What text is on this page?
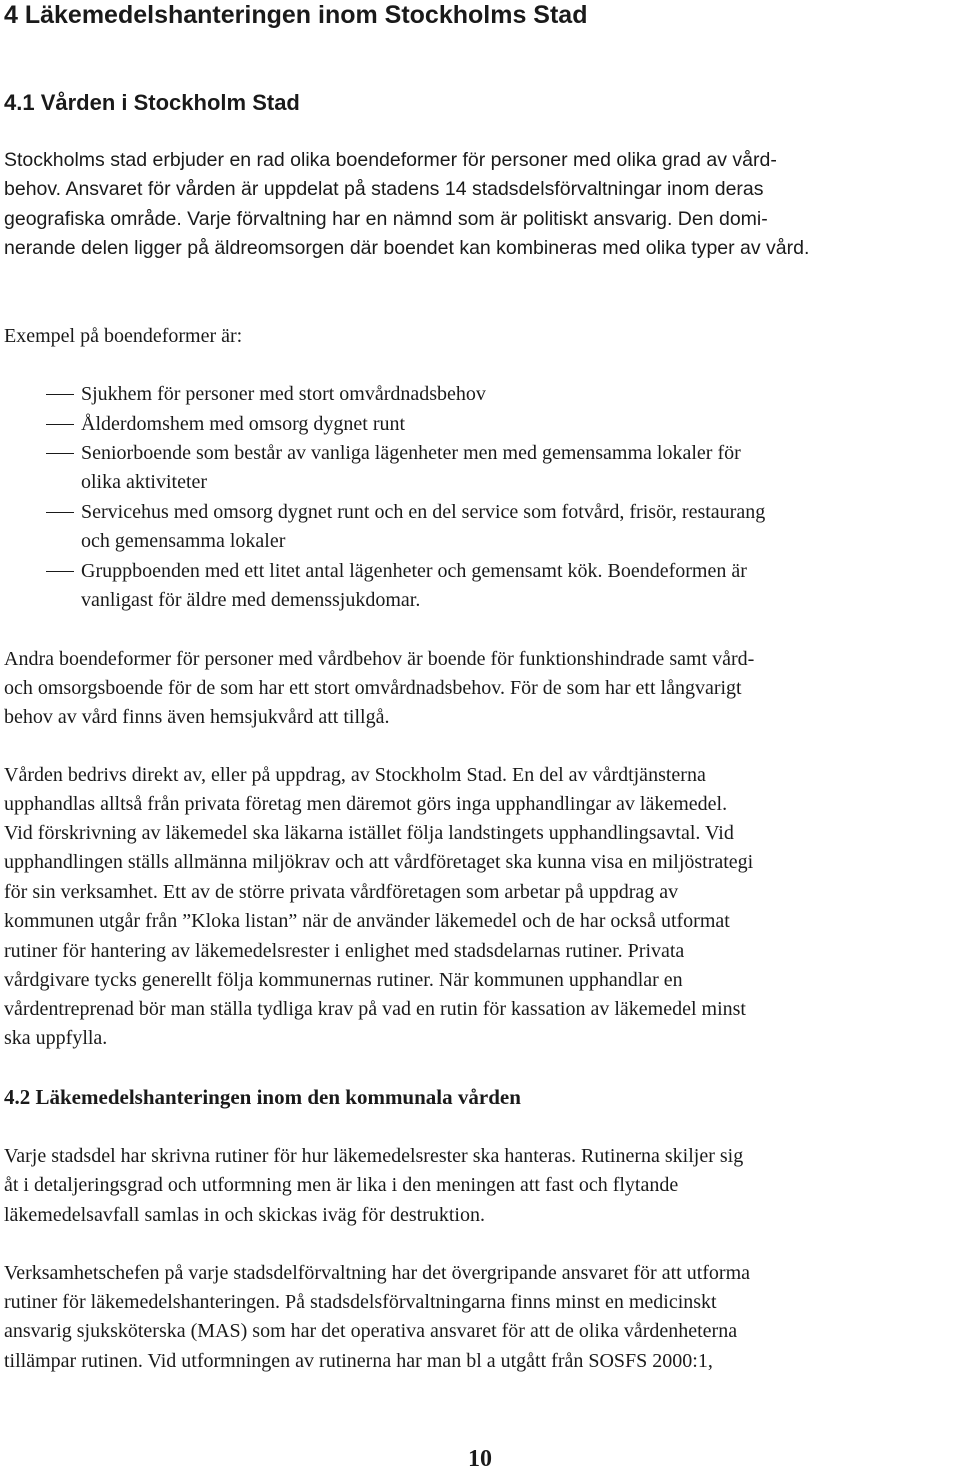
4 Läkemedelshanteringen inom Stockholms Stad
4.1 Vården i Stockholm Stad
Stockholms stad erbjuder en rad olika boendeformer för personer med olika grad av vård-
behov. Ansvaret för vården är uppdelat på stadens 14 stadsdelsförvaltningar inom deras
geografiska område. Varje förvaltning har en nämnd som är politiskt ansvarig. Den domi-
nerande delen ligger på äldreomsorgen där boendet kan kombineras med olika typer av vård.
Exempel på boendeformer är:
Sjukhem för personer med stort omvårdnadsbehov
Ålderdomshem med omsorg dygnet runt
Seniorboende som består av vanliga lägenheter men med gemensamma lokaler för
olika aktiviteter
Servicehus med omsorg dygnet runt och en del service som fotvård, frisör, restaurang
och gemensamma lokaler
Gruppboenden med ett litet antal lägenheter och gemensamt kök. Boendeformen är
vanligast för äldre med demenssjukdomar.
Andra boendeformer för personer med vårdbehov är boende för funktionshindrade samt vård-
och omsorgsboende för de som har ett stort omvårdnadsbehov. För de som har ett långvarigt
behov av vård finns även hemsjukvård att tillgå.
Vården bedrivs direkt av, eller på uppdrag, av Stockholm Stad. En del av vårdtjänsterna
upphandlas alltså från privata företag men däremot görs inga upphandlingar av läkemedel.
Vid förskrivning av läkemedel ska läkarna istället följa landstingets upphandlingsavtal. Vid
upphandlingen ställs allmänna miljökrav och att vårdföretaget ska kunna visa en miljöstrategi
för sin verksamhet. Ett av de större privata vårdföretagen som arbetar på uppdrag av
kommunen utgår från ”Kloka listan” när de använder läkemedel och de har också utformat
rutiner för hantering av läkemedelsrester i enlighet med stadsdelarnas rutiner. Privata
vårdgivare tycks generellt följa kommunernas rutiner. När kommunen upphandlar en
vårdentreprenad bör man ställa tydliga krav på vad en rutin för kassation av läkemedel minst
ska uppfylla.
4.2 Läkemedelshanteringen inom den kommunala vården
Varje stadsdel har skrivna rutiner för hur läkemedelsrester ska hanteras. Rutinerna skiljer sig
åt i detaljeringsgrad och utformning men är lika i den meningen att fast och flytande
läkemedelsavfall samlas in och skickas iväg för destruktion.
Verksamhetschefen på varje stadsdelförvaltning har det övergripande ansvaret för att utforma
rutiner för läkemedelshanteringen. På stadsdelsförvaltningarna finns minst en medicinskt
ansvarig sjuksköterska (MAS) som har det operativa ansvaret för att de olika vårdenheterna
tillämpar rutinen. Vid utformningen av rutinerna har man bl a utgått från SOSFS 2000:1,
10
